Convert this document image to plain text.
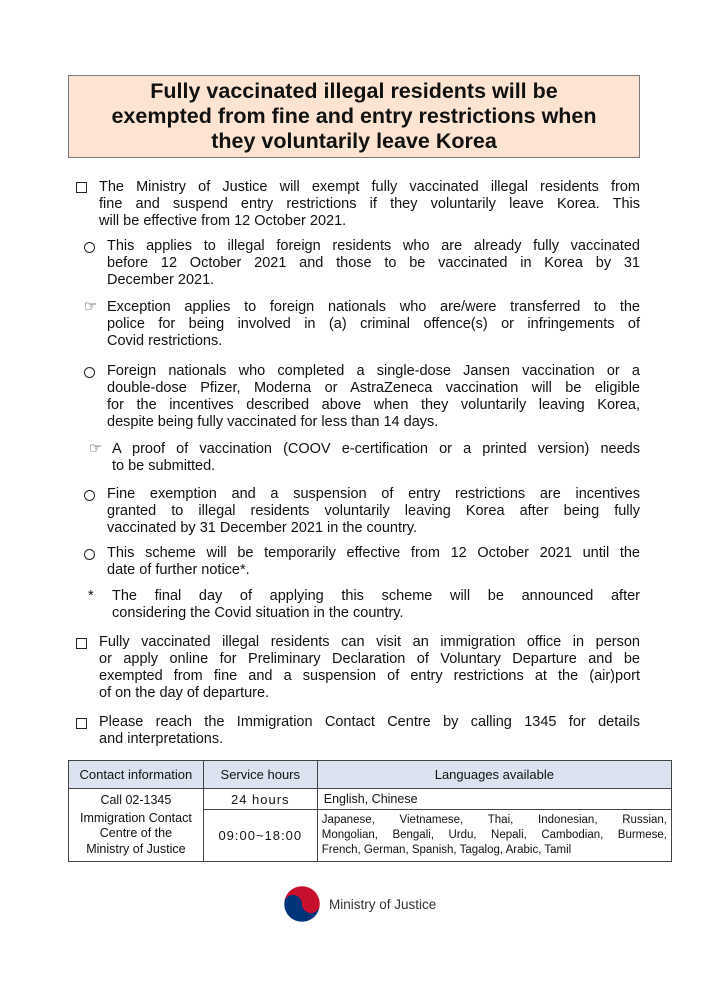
Fully vaccinated illegal residents will be
exempted from fine and entry restrictions when
they voluntarily leave Korea
The Ministry of Justice will exempt fully vaccinated illegal residents from
fine and suspend entry restrictions if they voluntarily leave Korea. This
will be effective from 12 October 2021.
This applies to illegal foreign residents who are already fully vaccinated
before 12 October 2021 and those to be vaccinated in Korea by 31
December 2021.
☞ Exception applies to foreign nationals who are/were transferred to the
police for being involved in (a) criminal offence(s) or infringements of
Covid restrictions.
Foreign nationals who completed a single-dose Jansen vaccination or a
double-dose Pfizer, Moderna or AstraZeneca vaccination will be eligible
for the incentives described above when they voluntarily leaving Korea,
despite being fully vaccinated for less than 14 days.
☞ A proof of vaccination (COOV e-certification or a printed version) needs
to be submitted.
Fine exemption and a suspension of entry restrictions are incentives
granted to illegal residents voluntarily leaving Korea after being fully
vaccinated by 31 December 2021 in the country.
This scheme will be temporarily effective from 12 October 2021 until the
date of further notice*.
* The final day of applying this scheme will be announced after
considering the Covid situation in the country.
Fully vaccinated illegal residents can visit an immigration office in person
or apply online for Preliminary Declaration of Voluntary Departure and be
exempted from fine and a suspension of entry restrictions at the (air)port
of on the day of departure.
Please reach the Immigration Contact Centre by calling 1345 for details
and interpretations.
Contact information	Service hours	Languages available

Call 02-1345
Immigration Contact
Centre of the
Ministry of Justice	24 hours	English, Chinese
	09:00~18:00	Japanese, Vietnamese, Thai, Indonesian, Russian,
Mongolian, Bengali, Urdu, Nepali, Cambodian, Burmese,
French, German, Spanish, Tagalog, Arabic, Tamil
Ministry of Justice
